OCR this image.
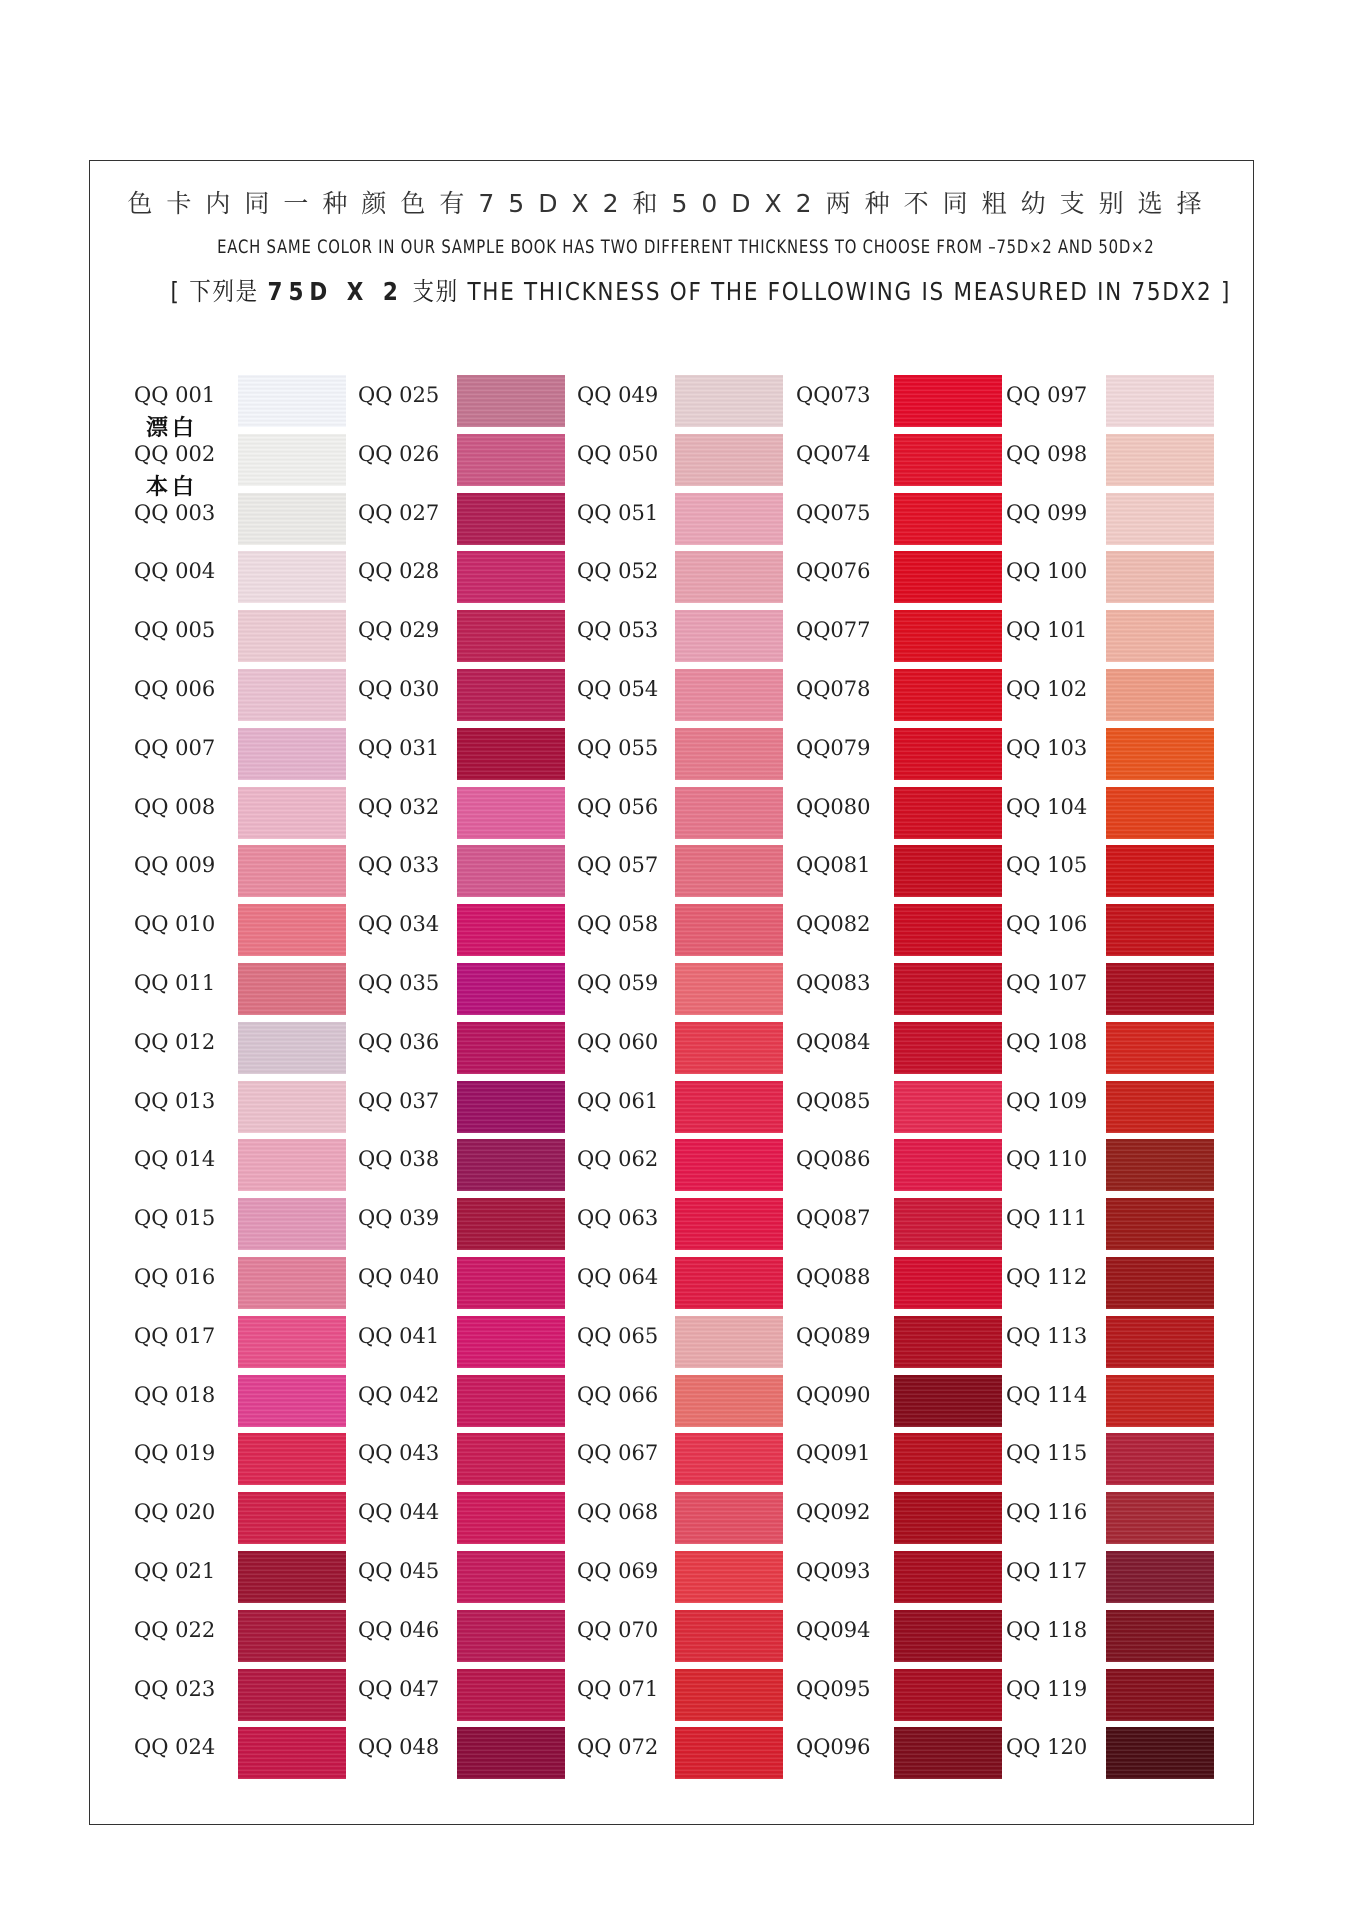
色卡内同一种颜色有75DX2和50DX2两种不同粗幼支别选择
EACH SAME COLOR IN OUR SAMPLE BOOK HAS TWO DIFFERENT THICKNESS TO CHOOSE FROM –75D×2 AND 50D×2
[ 下列是 75D X 2 支别 THE THICKNESS OF THE FOLLOWING IS MEASURED IN 75DX2 ]
QQ 001
漂白
QQ 002
本白
QQ 003
QQ 004
QQ 005
QQ 006
QQ 007
QQ 008
QQ 009
QQ 010
QQ 011
QQ 012
QQ 013
QQ 014
QQ 015
QQ 016
QQ 017
QQ 018
QQ 019
QQ 020
QQ 021
QQ 022
QQ 023
QQ 024
QQ 025
QQ 026
QQ 027
QQ 028
QQ 029
QQ 030
QQ 031
QQ 032
QQ 033
QQ 034
QQ 035
QQ 036
QQ 037
QQ 038
QQ 039
QQ 040
QQ 041
QQ 042
QQ 043
QQ 044
QQ 045
QQ 046
QQ 047
QQ 048
QQ 049
QQ 050
QQ 051
QQ 052
QQ 053
QQ 054
QQ 055
QQ 056
QQ 057
QQ 058
QQ 059
QQ 060
QQ 061
QQ 062
QQ 063
QQ 064
QQ 065
QQ 066
QQ 067
QQ 068
QQ 069
QQ 070
QQ 071
QQ 072
QQ073
QQ074
QQ075
QQ076
QQ077
QQ078
QQ079
QQ080
QQ081
QQ082
QQ083
QQ084
QQ085
QQ086
QQ087
QQ088
QQ089
QQ090
QQ091
QQ092
QQ093
QQ094
QQ095
QQ096
QQ 097
QQ 098
QQ 099
QQ 100
QQ 101
QQ 102
QQ 103
QQ 104
QQ 105
QQ 106
QQ 107
QQ 108
QQ 109
QQ 110
QQ 111
QQ 112
QQ 113
QQ 114
QQ 115
QQ 116
QQ 117
QQ 118
QQ 119
QQ 120
